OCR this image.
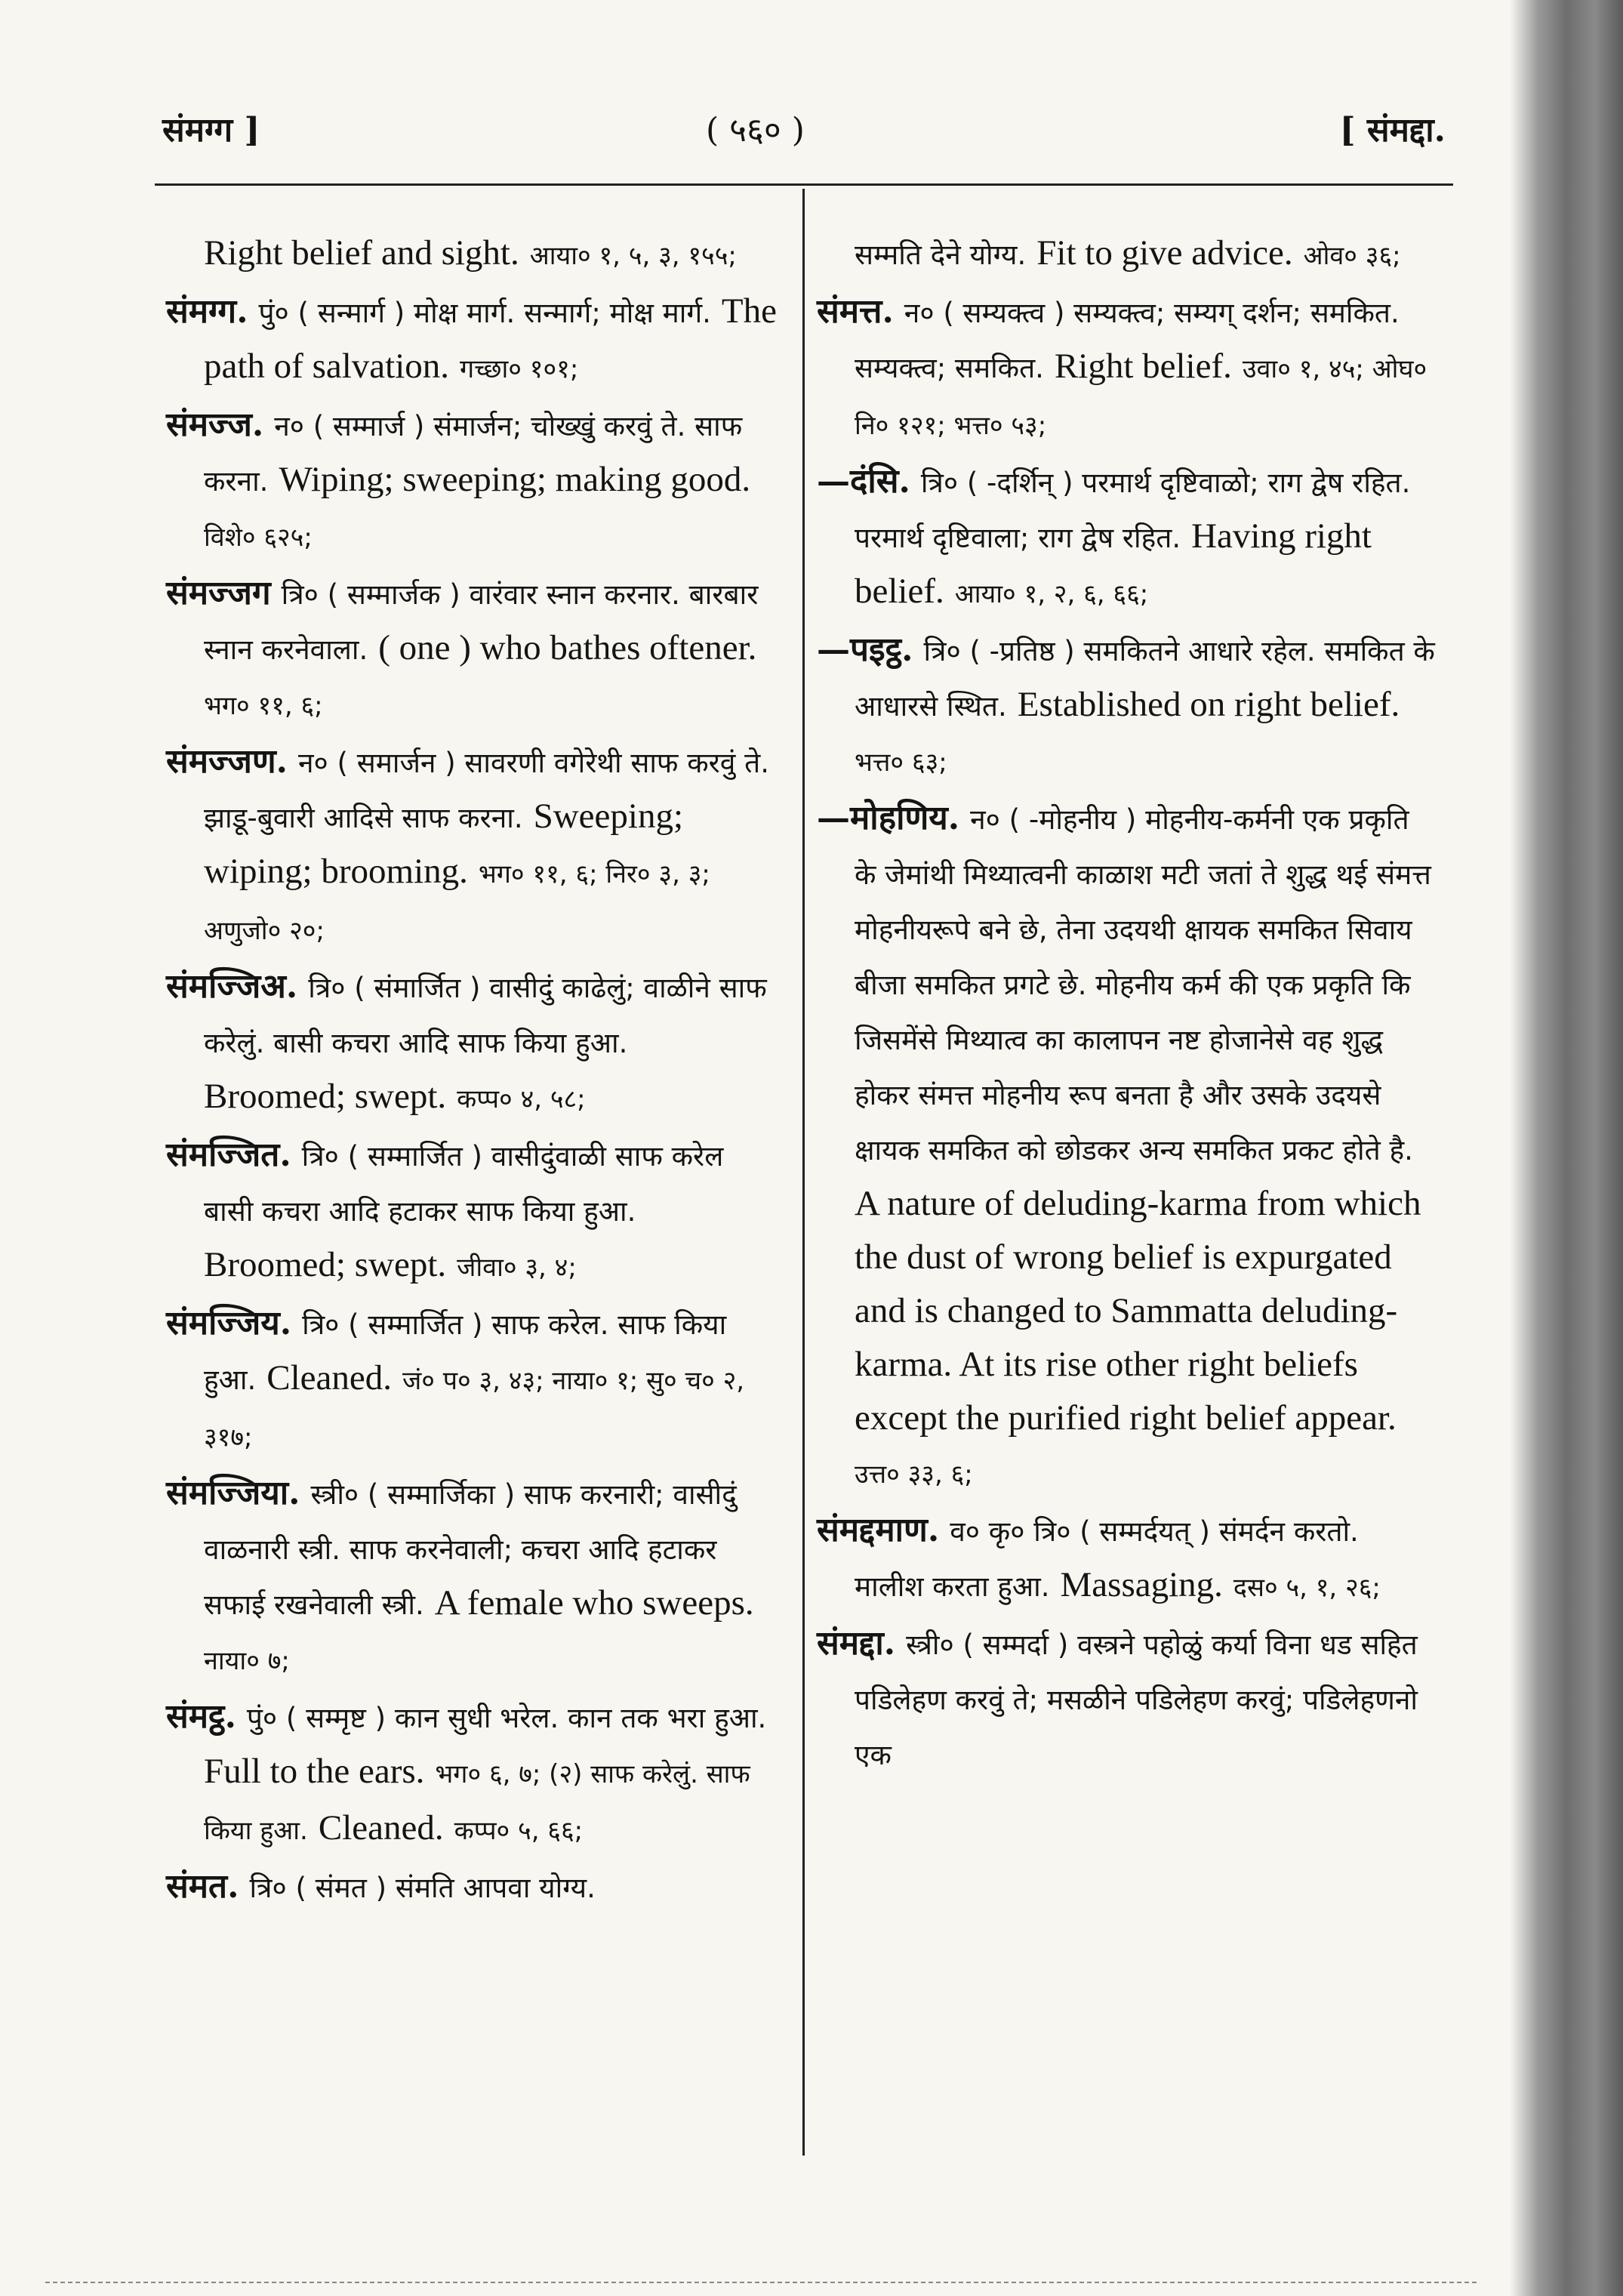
संमग्ग ]	( ५६० )	[ संमद्दा.
Right belief and sight. आया० १, ५, ३, १५५;
संमग्ग. पुं० ( सन्मार्ग ) मोक्ष मार्ग. सन्मार्ग; मोक्ष मार्ग. The path of salvation. गच्छा० १०१;
संमज्ज. न० ( सम्मार्ज ) संमार्जन; चोख्खुं करवुं ते. साफ करना. Wiping; sweeping; making good. विशे० ६२५;
संमज्जग त्रि० ( सम्मार्जक ) वारंवार स्नान करनार. बारबार स्नान करनेवाला. ( one ) who bathes oftener. भग० ११, ६;
संमज्जण. न० ( समार्जन ) सावरणी वगेरेथी साफ करवुं ते. झाडू-बुवारी आदिसे साफ करना. Sweeping; wiping; brooming. भग० ११, ६; निर० ३, ३; अणुजो० २०;
संमज्जिअ. त्रि० ( संमार्जित ) वासीदुं काढेलुं; वाळीने साफ करेलुं. बासी कचरा आदि साफ किया हुआ. Broomed; swept. कप्प० ४, ५८;
संमज्जित. त्रि० ( सम्मार्जित ) वासीदुंवाळी साफ करेल बासी कचरा आदि हटाकर साफ किया हुआ. Broomed; swept. जीवा० ३, ४;
संमज्जिय. त्रि० ( सम्मार्जित ) साफ करेल. साफ किया हुआ. Cleaned. जं० प० ३, ४३; नाया० १; सु० च० २, ३१७;
संमज्जिया. स्त्री० ( सम्मार्जिका ) साफ करनारी; वासीदुं वाळनारी स्त्री. साफ करनेवाली; कचरा आदि हटाकर सफाई रखनेवाली स्त्री. A female who sweeps. नाया० ७;
संमट्ठ. पुं० ( सम्मृष्ट ) कान सुधी भरेल. कान तक भरा हुआ. Full to the ears. भग० ६, ७; (२) साफ करेलुं. साफ किया हुआ. Cleaned. कप्प० ५, ६६;
संमत. त्रि० ( संमत ) संमति आपवा योग्य.
सम्मति देने योग्य. Fit to give advice. ओव० ३६;
संमत्त. न० ( सम्यक्त्व ) सम्यक्त्व; सम्यग् दर्शन; समकित. सम्यक्त्व; समकित. Right belief. उवा० १, ४५; ओघ० नि० १२१; भत्त० ५३;
—दंसि. त्रि० ( -दर्शिन् ) परमार्थ दृष्टिवाळो; राग द्वेष रहित. परमार्थ दृष्टिवाला; राग द्वेष रहित. Having right belief. आया० १, २, ६, ६६;
—पइट्ठ. त्रि० ( -प्रतिष्ठ ) समकितने आधारे रहेल. समकित के आधारसे स्थित. Established on right belief. भत्त० ६३;
—मोहणिय. न० ( -मोहनीय ) मोहनीय-कर्मनी एक प्रकृति के जेमांथी मिथ्यात्वनी काळाश मटी जतां ते शुद्ध थई संमत्त मोहनीयरूपे बने छे, तेना उदयथी क्षायक समकित सिवाय बीजा समकित प्रगटे छे. मोहनीय कर्म की एक प्रकृति कि जिसमेंसे मिथ्यात्व का कालापन नष्ट होजानेसे वह शुद्ध होकर संमत्त मोहनीय रूप बनता है और उसके उदयसे क्षायक समकित को छोडकर अन्य समकित प्रकट होते है. A nature of deluding-karma from which the dust of wrong belief is expurgated and is changed to Sammatta deluding-karma. At its rise other right beliefs except the purified right belief appear. उत्त० ३३, ६;
संमद्दमाण. व० कृ० त्रि० ( सम्मर्दयत् ) संमर्दन करतो. मालीश करता हुआ. Massaging. दस० ५, १, २६;
संमद्दा. स्त्री० ( सम्मर्दा ) वस्त्रने पहोळुं कर्या विना धड सहित पडिलेहण करवुं ते; मसळीने पडिलेहण करवुं; पडिलेहणनो एक
